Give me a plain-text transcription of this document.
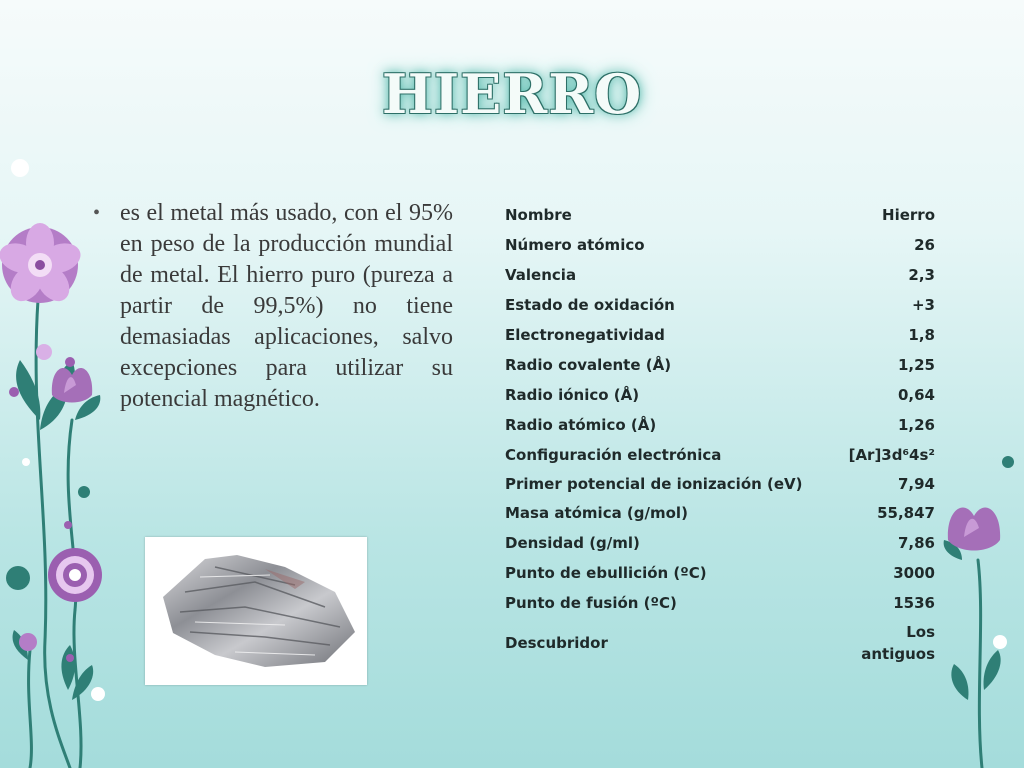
HIERRO
• es el metal más usado, con el 95% en peso de la producción mundial de metal. El hierro puro (pureza a partir de 99,5%) no tiene demasiadas aplicaciones, salvo excepciones para utilizar su potencial magnético.
Nombre	Hierro
Número atómico	26
Valencia	2,3
Estado de oxidación	+3
Electronegatividad	1,8
Radio covalente (Å)	1,25
Radio iónico (Å)	0,64
Radio atómico (Å)	1,26
Configuración electrónica	[Ar]3d⁶4s²
Primer potencial de ionización (eV)	7,94
Masa atómica (g/mol)	55,847
Densidad (g/ml)	7,86
Punto de ebullición (ºC)	3000
Punto de fusión (ºC)	1536
Descubridor	Los antiguos
